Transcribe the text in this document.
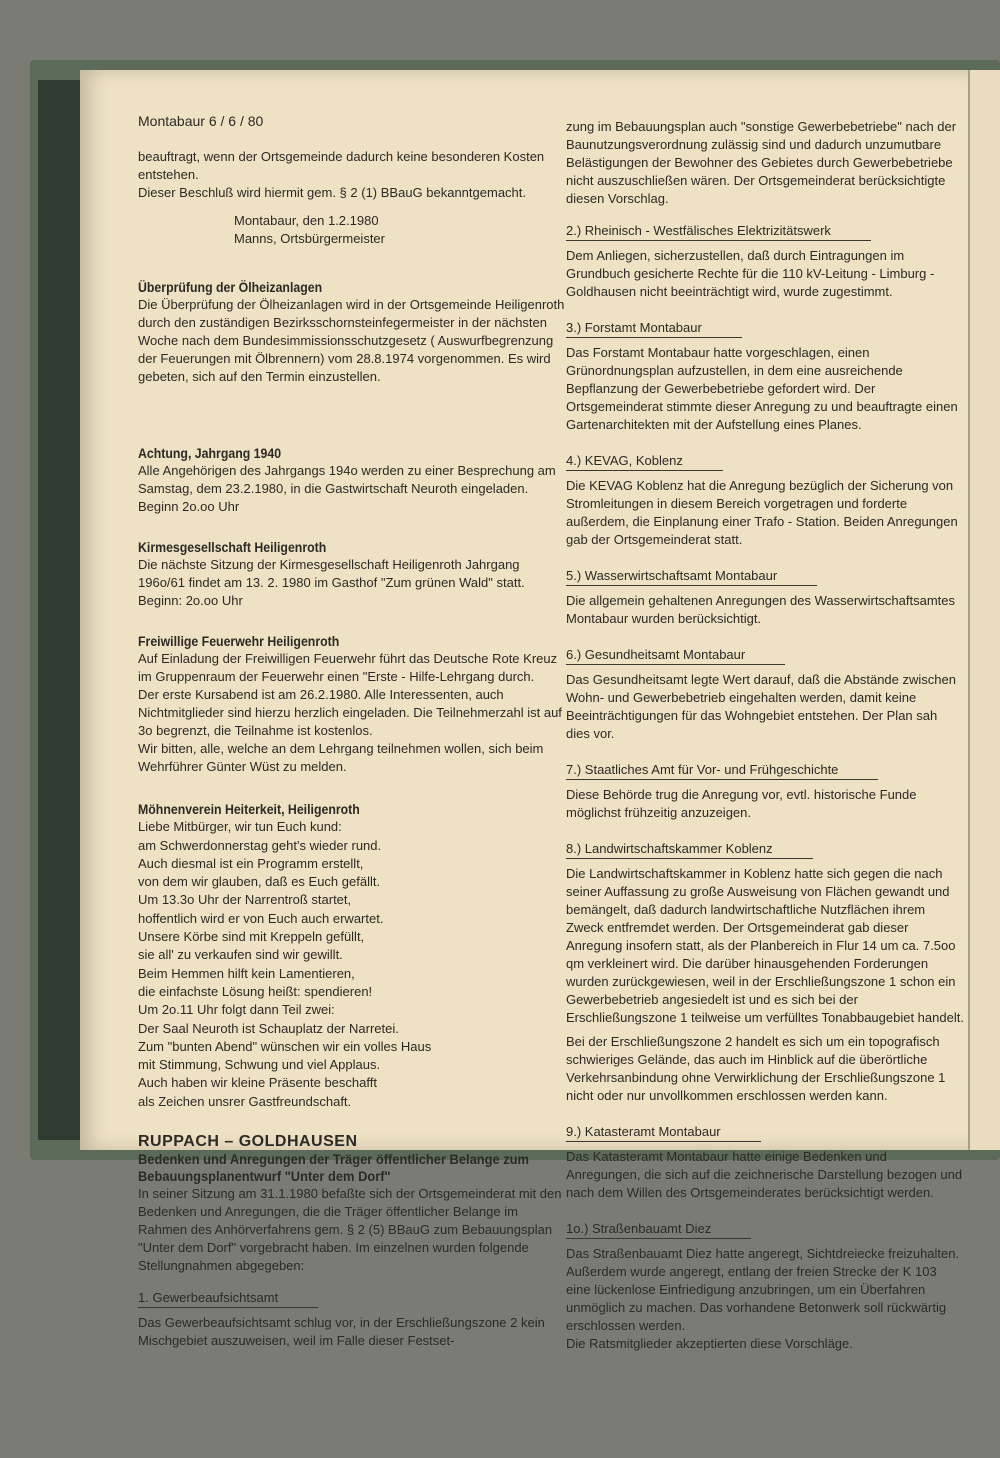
Montabaur 6 / 6 / 80

beauftragt, wenn der Ortsgemeinde dadurch keine besonderen Kosten entstehen.

Dieser Beschluß wird hiermit gem. § 2 (1) BBauG bekanntgemacht.

Montabaur, den 1.2.1980

Manns, Ortsbürgermeister

Überprüfung der Ölheizanlagen

Die Überprüfung der Ölheizanlagen wird in der Ortsgemeinde Heiligenroth durch den zuständigen Bezirksschornsteinfegermeister in der nächsten Woche nach dem Bundesimmissionsschutzgesetz ( Auswurfbegrenzung der Feuerungen mit Ölbrennern) vom 28.8.1974 vorgenommen. Es wird gebeten, sich auf den Termin einzustellen.

Achtung, Jahrgang 1940

Alle Angehörigen des Jahrgangs 194o werden zu einer Besprechung am Samstag, dem 23.2.1980, in die Gastwirtschaft Neuroth eingeladen. Beginn 2o.oo Uhr

Kirmesgesellschaft Heiligenroth

Die nächste Sitzung der Kirmesgesellschaft Heiligenroth Jahrgang 196o/61 findet am 13. 2. 1980 im Gasthof "Zum grünen Wald" statt. Beginn: 2o.oo Uhr

Freiwillige Feuerwehr Heiligenroth

Auf Einladung der Freiwilligen Feuerwehr führt das Deutsche Rote Kreuz im Gruppenraum der Feuerwehr einen "Erste - Hilfe-Lehrgang durch.

Der erste Kursabend ist am 26.2.1980. Alle Interessenten, auch Nichtmitglieder sind hierzu herzlich eingeladen. Die Teilnehmerzahl ist auf 3o begrenzt, die Teilnahme ist kostenlos.

Wir bitten, alle, welche an dem Lehrgang teilnehmen wollen, sich beim Wehrführer Günter Wüst zu melden.

Möhnenverein Heiterkeit, Heiligenroth

Liebe Mitbürger, wir tun Euch kund:

am Schwerdonnerstag geht's wieder rund.

Auch diesmal ist ein Programm erstellt,

von dem wir glauben, daß es Euch gefällt.

Um 13.3o Uhr der Narrentroß startet,

hoffentlich wird er von Euch auch erwartet.

Unsere Körbe sind mit Kreppeln gefüllt,

sie all' zu verkaufen sind wir gewillt.

Beim Hemmen hilft kein Lamentieren,

die einfachste Lösung heißt: spendieren!

Um 2o.11 Uhr folgt dann Teil zwei:

Der Saal Neuroth ist Schauplatz der Narretei.

Zum "bunten Abend" wünschen wir ein volles Haus

mit Stimmung, Schwung und viel Applaus.

Auch haben wir kleine Präsente beschafft

als Zeichen unsrer Gastfreundschaft.

RUPPACH – GOLDHAUSEN

Bedenken und Anregungen der Träger öffentlicher Belange zum Bebauungsplanentwurf "Unter dem Dorf"

In seiner Sitzung am 31.1.1980 befaßte sich der Ortsgemeinderat mit den Bedenken und Anregungen, die die Träger öffentlicher Belange im Rahmen des Anhörverfahrens gem. § 2 (5) BBauG zum Bebauungsplan "Unter dem Dorf" vorgebracht haben. Im einzelnen wurden folgende Stellungnahmen abgegeben:

1. Gewerbeaufsichtsamt

Das Gewerbeaufsichtsamt schlug vor, in der Erschließungszone 2 kein Mischgebiet auszuweisen, weil im Falle dieser Festset-

zung im Bebauungsplan auch "sonstige Gewerbebetriebe" nach der Baunutzungsverordnung zulässig sind und dadurch unzumutbare Belästigungen der Bewohner des Gebietes durch Gewerbebetriebe nicht auszuschließen wären. Der Ortsgemeinderat berücksichtigte diesen Vorschlag.

2.) Rheinisch - Westfälisches Elektrizitätswerk

Dem Anliegen, sicherzustellen, daß durch Eintragungen im Grundbuch gesicherte Rechte für die 110 kV-Leitung - Limburg - Goldhausen nicht beeinträchtigt wird, wurde zugestimmt.

3.) Forstamt Montabaur

Das Forstamt Montabaur hatte vorgeschlagen, einen Grünordnungsplan aufzustellen, in dem eine ausreichende Bepflanzung der Gewerbebetriebe gefordert wird. Der Ortsgemeinderat stimmte dieser Anregung zu und beauftragte einen Gartenarchitekten mit der Aufstellung eines Planes.

4.) KEVAG, Koblenz

Die KEVAG Koblenz hat die Anregung bezüglich der Sicherung von Stromleitungen in diesem Bereich vorgetragen und forderte außerdem, die Einplanung einer Trafo - Station. Beiden Anregungen gab der Ortsgemeinderat statt.

5.) Wasserwirtschaftsamt Montabaur

Die allgemein gehaltenen Anregungen des Wasserwirtschaftsamtes Montabaur wurden berücksichtigt.

6.) Gesundheitsamt Montabaur

Das Gesundheitsamt legte Wert darauf, daß die Abstände zwischen Wohn- und Gewerbebetrieb eingehalten werden, damit keine Beeinträchtigungen für das Wohngebiet entstehen. Der Plan sah dies vor.

7.) Staatliches Amt für Vor- und Frühgeschichte

Diese Behörde trug die Anregung vor, evtl. historische Funde möglichst frühzeitig anzuzeigen.

8.) Landwirtschaftskammer Koblenz

Die Landwirtschaftskammer in Koblenz hatte sich gegen die nach seiner Auffassung zu große Ausweisung von Flächen gewandt und bemängelt, daß dadurch landwirtschaftliche Nutzflächen ihrem Zweck entfremdet werden. Der Ortsgemeinderat gab dieser Anregung insofern statt, als der Planbereich in Flur 14 um ca. 7.5oo qm verkleinert wird. Die darüber hinausgehenden Forderungen wurden zurückgewiesen, weil in der Erschließungszone 1 schon ein Gewerbebetrieb angesiedelt ist und es sich bei der Erschließungszone 1 teilweise um verfülltes Tonabbaugebiet handelt.

Bei der Erschließungszone 2 handelt es sich um ein topografisch schwieriges Gelände, das auch im Hinblick auf die überörtliche Verkehrsanbindung ohne Verwirklichung der Erschließungszone 1 nicht oder nur unvollkommen erschlossen werden kann.

9.) Katasteramt Montabaur

Das Katasteramt Montabaur hatte einige Bedenken und Anregungen, die sich auf die zeichnerische Darstellung bezogen und nach dem Willen des Ortsgemeinderates berücksichtigt werden.

1o.) Straßenbauamt Diez

Das Straßenbauamt Diez hatte angeregt, Sichtdreiecke freizuhalten. Außerdem wurde angeregt, entlang der freien Strecke der K 103 eine lückenlose Einfriedigung anzubringen, um ein Überfahren unmöglich zu machen. Das vorhandene Betonwerk soll rückwärtig erschlossen werden.

Die Ratsmitglieder akzeptierten diese Vorschläge.
